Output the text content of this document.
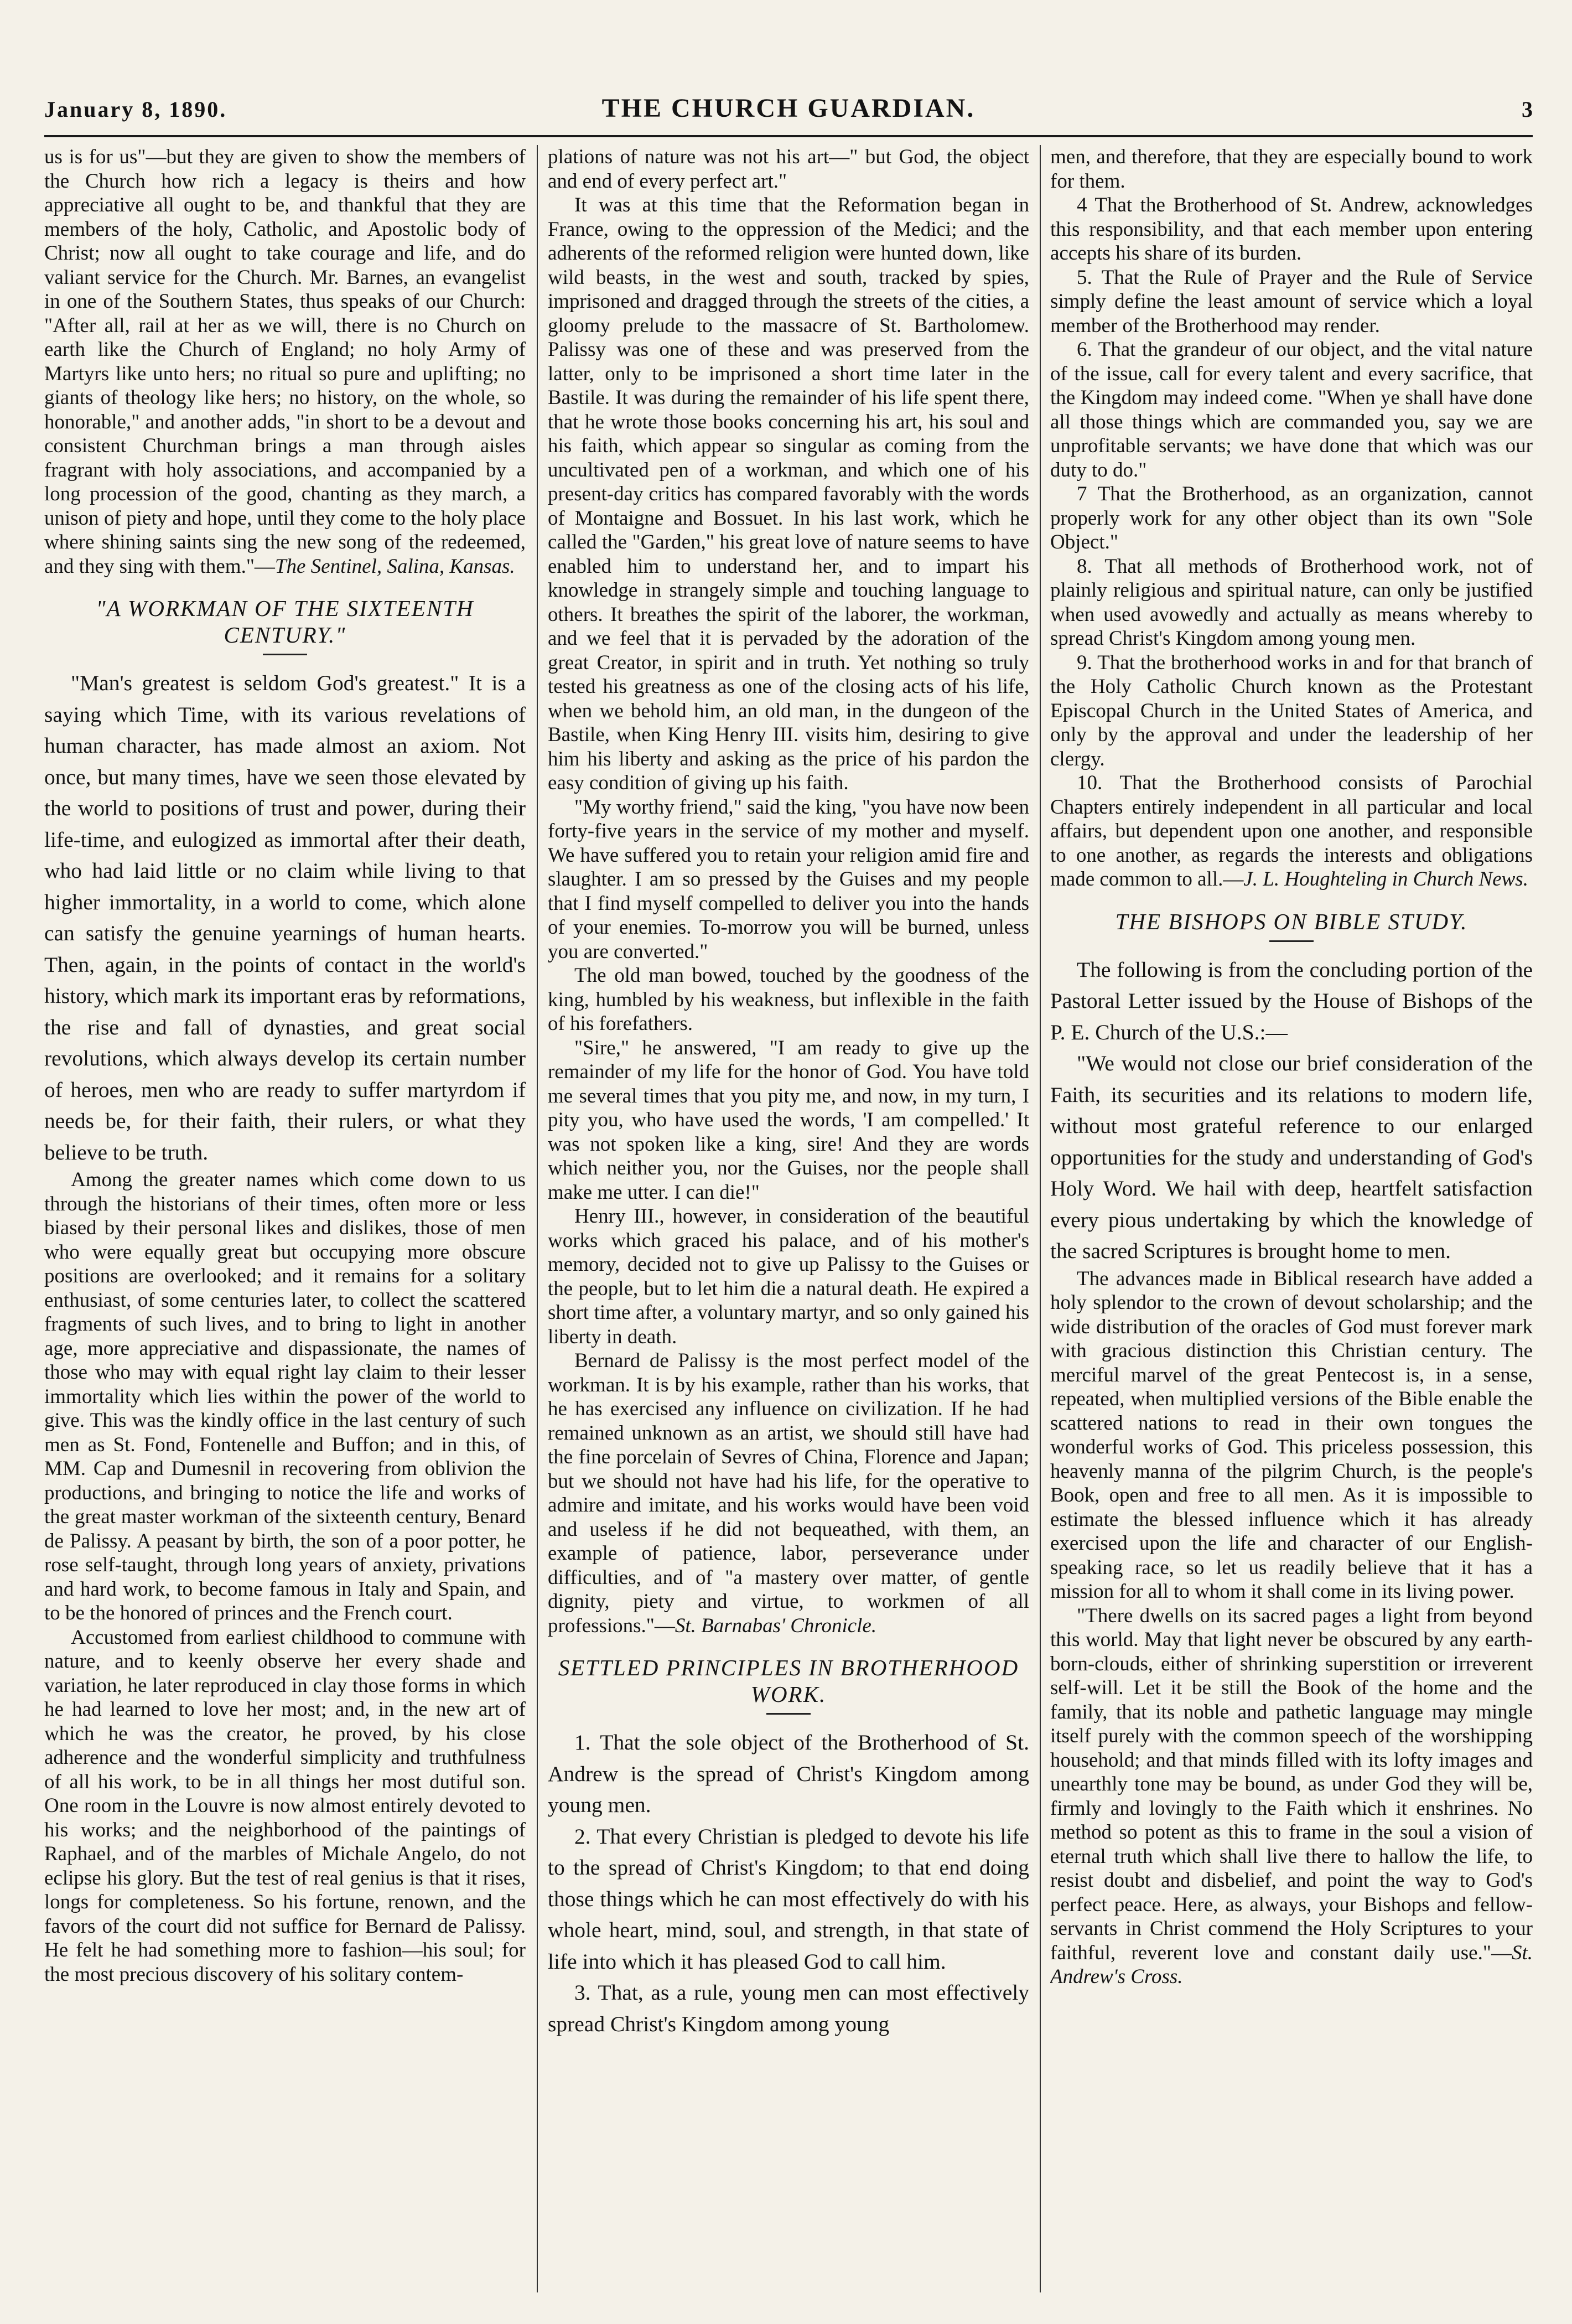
January 8, 1890.	THE CHURCH GUARDIAN.	3

us is for us"—but they are given to show the members of the Church how rich a legacy is theirs and how appreciative all ought to be, and thankful that they are members of the holy, Catholic, and Apostolic body of Christ; now all ought to take courage and life, and do valiant service for the Church. Mr. Barnes, an evangelist in one of the Southern States, thus speaks of our Church: "After all, rail at her as we will, there is no Church on earth like the Church of England; no holy Army of Martyrs like unto hers; no ritual so pure and uplifting; no giants of theology like hers; no history, on the whole, so honorable," and another adds, "in short to be a devout and consistent Churchman brings a man through aisles fragrant with holy associations, and accompanied by a long procession of the good, chanting as they march, a unison of piety and hope, until they come to the holy place where shining saints sing the new song of the redeemed, and they sing with them."—The Sentinel, Salina, Kansas.

"A WORKMAN OF THE SIXTEENTH CENTURY."

"Man's greatest is seldom God's greatest." It is a saying which Time, with its various revelations of human character, has made almost an axiom. Not once, but many times, have we seen those elevated by the world to positions of trust and power, during their life-time, and eulogized as immortal after their death, who had laid little or no claim while living to that higher immortality, in a world to come, which alone can satisfy the genuine yearnings of human hearts. Then, again, in the points of contact in the world's history, which mark its important eras by reformations, the rise and fall of dynasties, and great social revolutions, which always develop its certain number of heroes, men who are ready to suffer martyrdom if needs be, for their faith, their rulers, or what they believe to be truth.

Among the greater names which come down to us through the historians of their times, often more or less biased by their personal likes and dislikes, those of men who were equally great but occupying more obscure positions are overlooked; and it remains for a solitary enthusiast, of some centuries later, to collect the scattered fragments of such lives, and to bring to light in another age, more appreciative and dispassionate, the names of those who may with equal right lay claim to their lesser immortality which lies within the power of the world to give. This was the kindly office in the last century of such men as St. Fond, Fontenelle and Buffon; and in this, of MM. Cap and Dumesnil in recovering from oblivion the productions, and bringing to notice the life and works of the great master workman of the sixteenth century, Benard de Palissy. A peasant by birth, the son of a poor potter, he rose self-taught, through long years of anxiety, privations and hard work, to become famous in Italy and Spain, and to be the honored of princes and the French court.

Accustomed from earliest childhood to commune with nature, and to keenly observe her every shade and variation, he later reproduced in clay those forms in which he had learned to love her most; and, in the new art of which he was the creator, he proved, by his close adherence and the wonderful simplicity and truthfulness of all his work, to be in all things her most dutiful son. One room in the Louvre is now almost entirely devoted to his works; and the neighborhood of the paintings of Raphael, and of the marbles of Michale Angelo, do not eclipse his glory. But the test of real genius is that it rises, longs for completeness. So his fortune, renown, and the favors of the court did not suffice for Bernard de Palissy. He felt he had something more to fashion—his soul; for the most precious discovery of his solitary contem-

plations of nature was not his art—" but God, the object and end of every perfect art."

It was at this time that the Reformation began in France, owing to the oppression of the Medici; and the adherents of the reformed religion were hunted down, like wild beasts, in the west and south, tracked by spies, imprisoned and dragged through the streets of the cities, a gloomy prelude to the massacre of St. Bartholomew. Palissy was one of these and was preserved from the latter, only to be imprisoned a short time later in the Bastile. It was during the remainder of his life spent there, that he wrote those books concerning his art, his soul and his faith, which appear so singular as coming from the uncultivated pen of a workman, and which one of his present-day critics has compared favorably with the words of Montaigne and Bossuet. In his last work, which he called the "Garden," his great love of nature seems to have enabled him to understand her, and to impart his knowledge in strangely simple and touching language to others. It breathes the spirit of the laborer, the workman, and we feel that it is pervaded by the adoration of the great Creator, in spirit and in truth. Yet nothing so truly tested his greatness as one of the closing acts of his life, when we behold him, an old man, in the dungeon of the Bastile, when King Henry III. visits him, desiring to give him his liberty and asking as the price of his pardon the easy condition of giving up his faith.

"My worthy friend," said the king, "you have now been forty-five years in the service of my mother and myself. We have suffered you to retain your religion amid fire and slaughter. I am so pressed by the Guises and my people that I find myself compelled to deliver you into the hands of your enemies. To-morrow you will be burned, unless you are converted."

The old man bowed, touched by the goodness of the king, humbled by his weakness, but inflexible in the faith of his forefathers.

"Sire," he answered, "I am ready to give up the remainder of my life for the honor of God. You have told me several times that you pity me, and now, in my turn, I pity you, who have used the words, 'I am compelled.' It was not spoken like a king, sire! And they are words which neither you, nor the Guises, nor the people shall make me utter. I can die!"

Henry III., however, in consideration of the beautiful works which graced his palace, and of his mother's memory, decided not to give up Palissy to the Guises or the people, but to let him die a natural death. He expired a short time after, a voluntary martyr, and so only gained his liberty in death.

Bernard de Palissy is the most perfect model of the workman. It is by his example, rather than his works, that he has exercised any influence on civilization. If he had remained unknown as an artist, we should still have had the fine porcelain of Sevres of China, Florence and Japan; but we should not have had his life, for the operative to admire and imitate, and his works would have been void and useless if he did not bequeathed, with them, an example of patience, labor, perseverance under difficulties, and of "a mastery over matter, of gentle dignity, piety and virtue, to workmen of all professions."—St. Barnabas' Chronicle.

SETTLED PRINCIPLES IN BROTHERHOOD WORK.

1. That the sole object of the Brotherhood of St. Andrew is the spread of Christ's Kingdom among young men.

2. That every Christian is pledged to devote his life to the spread of Christ's Kingdom; to that end doing those things which he can most effectively do with his whole heart, mind, soul, and strength, in that state of life into which it has pleased God to call him.

3. That, as a rule, young men can most effectively spread Christ's Kingdom among young

men, and therefore, that they are especially bound to work for them.

4 That the Brotherhood of St. Andrew, acknowledges this responsibility, and that each member upon entering accepts his share of its burden.

5. That the Rule of Prayer and the Rule of Service simply define the least amount of service which a loyal member of the Brotherhood may render.

6. That the grandeur of our object, and the vital nature of the issue, call for every talent and every sacrifice, that the Kingdom may indeed come. "When ye shall have done all those things which are commanded you, say we are unprofitable servants; we have done that which was our duty to do."

7 That the Brotherhood, as an organization, cannot properly work for any other object than its own "Sole Object."

8. That all methods of Brotherhood work, not of plainly religious and spiritual nature, can only be justified when used avowedly and actually as means whereby to spread Christ's Kingdom among young men.

9. That the brotherhood works in and for that branch of the Holy Catholic Church known as the Protestant Episcopal Church in the United States of America, and only by the approval and under the leadership of her clergy.

10. That the Brotherhood consists of Parochial Chapters entirely independent in all particular and local affairs, but dependent upon one another, and responsible to one another, as regards the interests and obligations made common to all.—J. L. Houghteling in Church News.

THE BISHOPS ON BIBLE STUDY.

The following is from the concluding portion of the Pastoral Letter issued by the House of Bishops of the P. E. Church of the U.S.:—

"We would not close our brief consideration of the Faith, its securities and its relations to modern life, without most grateful reference to our enlarged opportunities for the study and understanding of God's Holy Word. We hail with deep, heartfelt satisfaction every pious undertaking by which the knowledge of the sacred Scriptures is brought home to men.

The advances made in Biblical research have added a holy splendor to the crown of devout scholarship; and the wide distribution of the oracles of God must forever mark with gracious distinction this Christian century. The merciful marvel of the great Pentecost is, in a sense, repeated, when multiplied versions of the Bible enable the scattered nations to read in their own tongues the wonderful works of God. This priceless possession, this heavenly manna of the pilgrim Church, is the people's Book, open and free to all men. As it is impossible to estimate the blessed influence which it has already exercised upon the life and character of our English-speaking race, so let us readily believe that it has a mission for all to whom it shall come in its living power.

"There dwells on its sacred pages a light from beyond this world. May that light never be obscured by any earth-born-clouds, either of shrinking superstition or irreverent self-will. Let it be still the Book of the home and the family, that its noble and pathetic language may mingle itself purely with the common speech of the worshipping household; and that minds filled with its lofty images and unearthly tone may be bound, as under God they will be, firmly and lovingly to the Faith which it enshrines. No method so potent as this to frame in the soul a vision of eternal truth which shall live there to hallow the life, to resist doubt and disbelief, and point the way to God's perfect peace. Here, as always, your Bishops and fellow-servants in Christ commend the Holy Scriptures to your faithful, reverent love and constant daily use."—St. Andrew's Cross.
